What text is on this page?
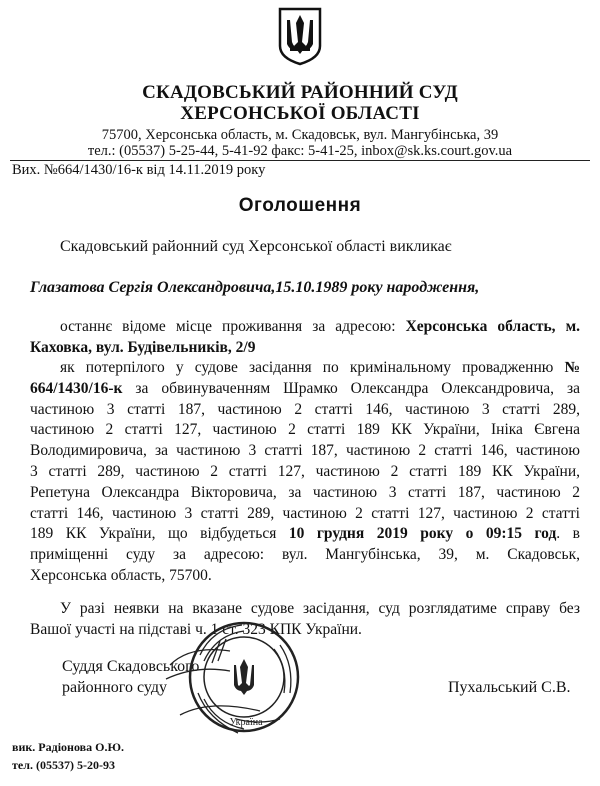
СКАДОВСЬКИЙ РАЙОННИЙ СУД
ХЕРСОНСЬКОЇ ОБЛАСТІ
75700, Херсонська область, м. Скадовськ, вул. Мангубінська, 39
тел.: (05537) 5-25-44, 5-41-92 факс: 5-41-25, inbox@sk.ks.court.gov.ua
Вих. №664/1430/16-к від 14.11.2019 року
Оголошення
Скадовський районний суд Херсонської області викликає
Глазатова Сергія Олександровича,15.10.1989 року народження,
останнє відоме місце проживання за адресою: Херсонська область, м.
Каховка, вул. Будівельників, 2/9
як потерпілого у судове засідання по кримінальному провадженню №
664/1430/16-к за обвинуваченням Шрамко Олександра Олександровича, за
частиною 3 статті 187, частиною 2 статті 146, частиною 3 статті 289,
частиною 2 статті 127, частиною 2 статті 189 КК України, Ініка Євгена
Володимировича, за частиною 3 статті 187, частиною 2 статті 146, частиною
3 статті 289, частиною 2 статті 127, частиною 2 статті 189 КК України,
Репетуна Олександра Вікторовича, за частиною 3 статті 187, частиною 2
статті 146, частиною 3 статті 289, частиною 2 статті 127, частиною 2 статті
189 КК України, що відбудеться 10 грудня 2019 року о 09:15 год. в
приміщенні суду за адресою: вул. Мангубінська, 39, м. Скадовськ,
Херсонська область, 75700.
У разі неявки на вказане судове засідання, суд розглядатиме справу без
Вашої участі на підставі ч. 1 ст. 323 КПК України.
Суддя Скадовського
районного суду	Пухальський С.В.
Україна
вик. Радіонова О.Ю.
тел. (05537) 5-20-93
